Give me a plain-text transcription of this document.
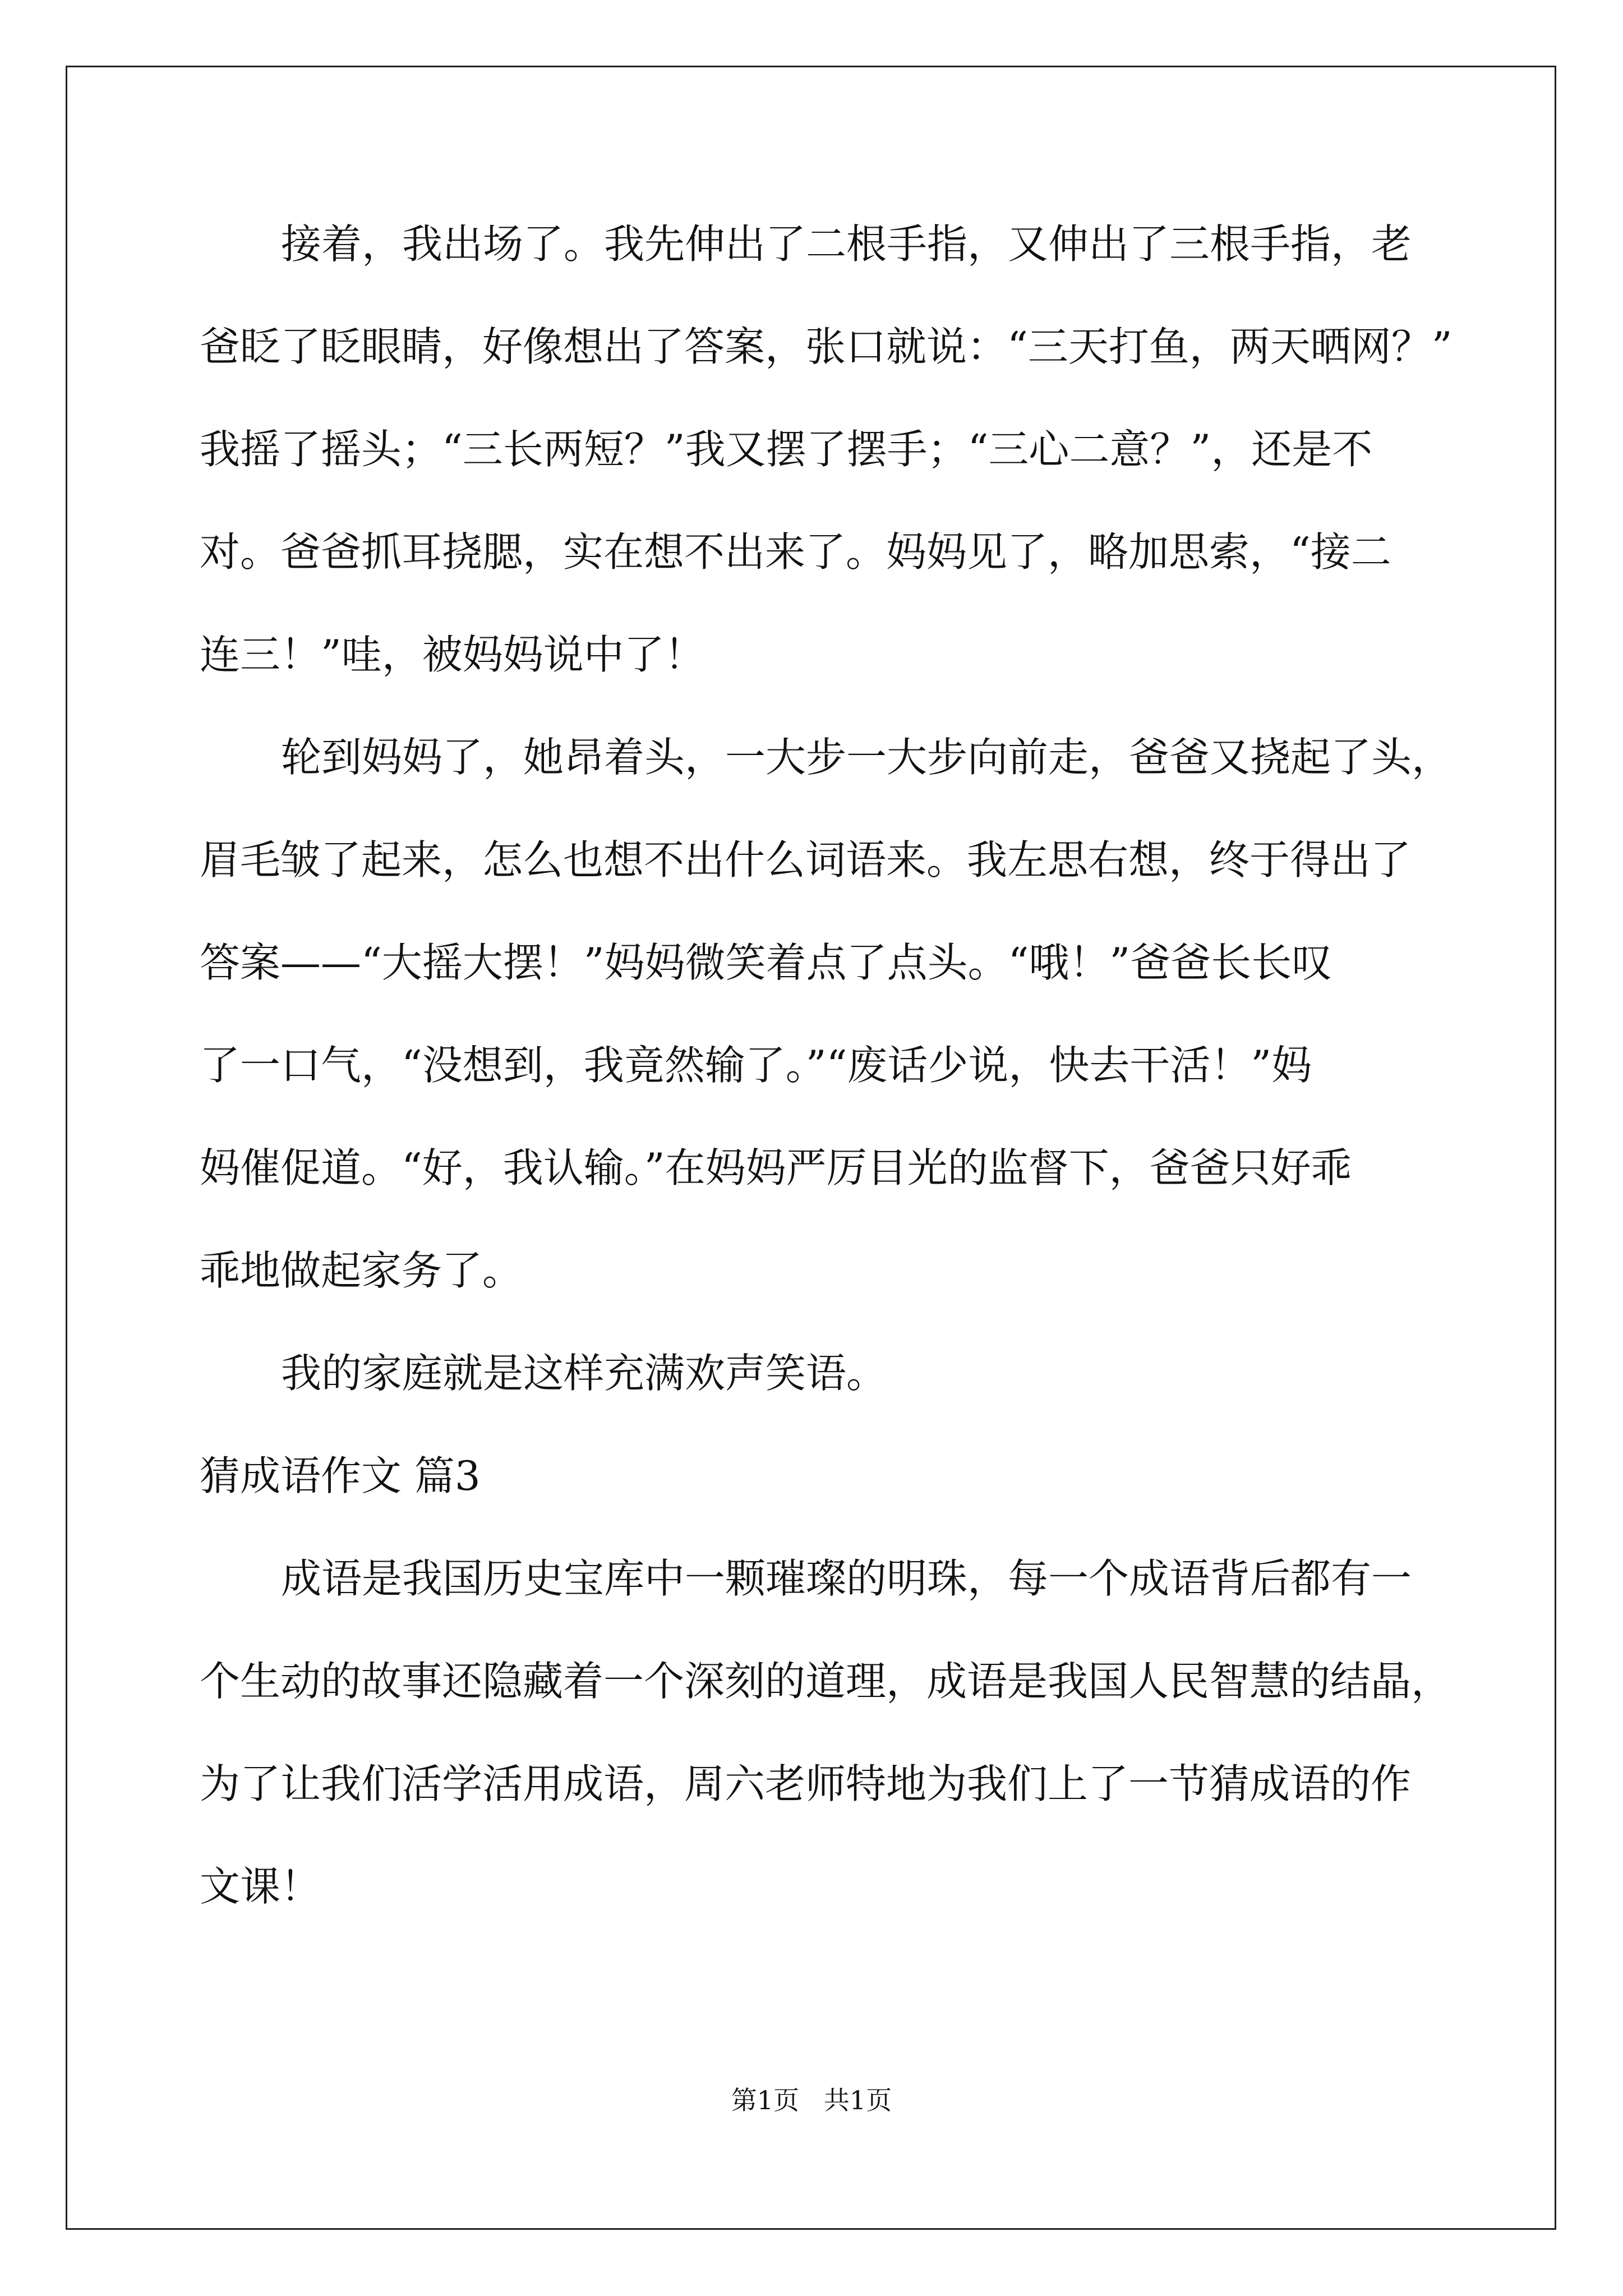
接着，我出场了。我先伸出了二根手指，又伸出了三根手指，老
爸眨了眨眼睛，好像想出了答案，张口就说：“三天打鱼，两天晒网？”
我摇了摇头；“三长两短？”我又摆了摆手；“三心二意？”，还是不
对。爸爸抓耳挠腮，实在想不出来了。妈妈见了，略加思索，“接二
连三！”哇，被妈妈说中了！
轮到妈妈了，她昂着头，一大步一大步向前走，爸爸又挠起了头，
眉毛皱了起来，怎么也想不出什么词语来。我左思右想，终于得出了
答案——“大摇大摆！”妈妈微笑着点了点头。“哦！”爸爸长长叹
了一口气，“没想到，我竟然输了。”“废话少说，快去干活！”妈
妈催促道。“好，我认输。”在妈妈严厉目光的监督下，爸爸只好乖
乖地做起家务了。
我的家庭就是这样充满欢声笑语。
猜成语作文 篇3
成语是我国历史宝库中一颗璀璨的明珠，每一个成语背后都有一
个生动的故事还隐藏着一个深刻的道理，成语是我国人民智慧的结晶，
为了让我们活学活用成语，周六老师特地为我们上了一节猜成语的作
文课！
第1页   共1页
